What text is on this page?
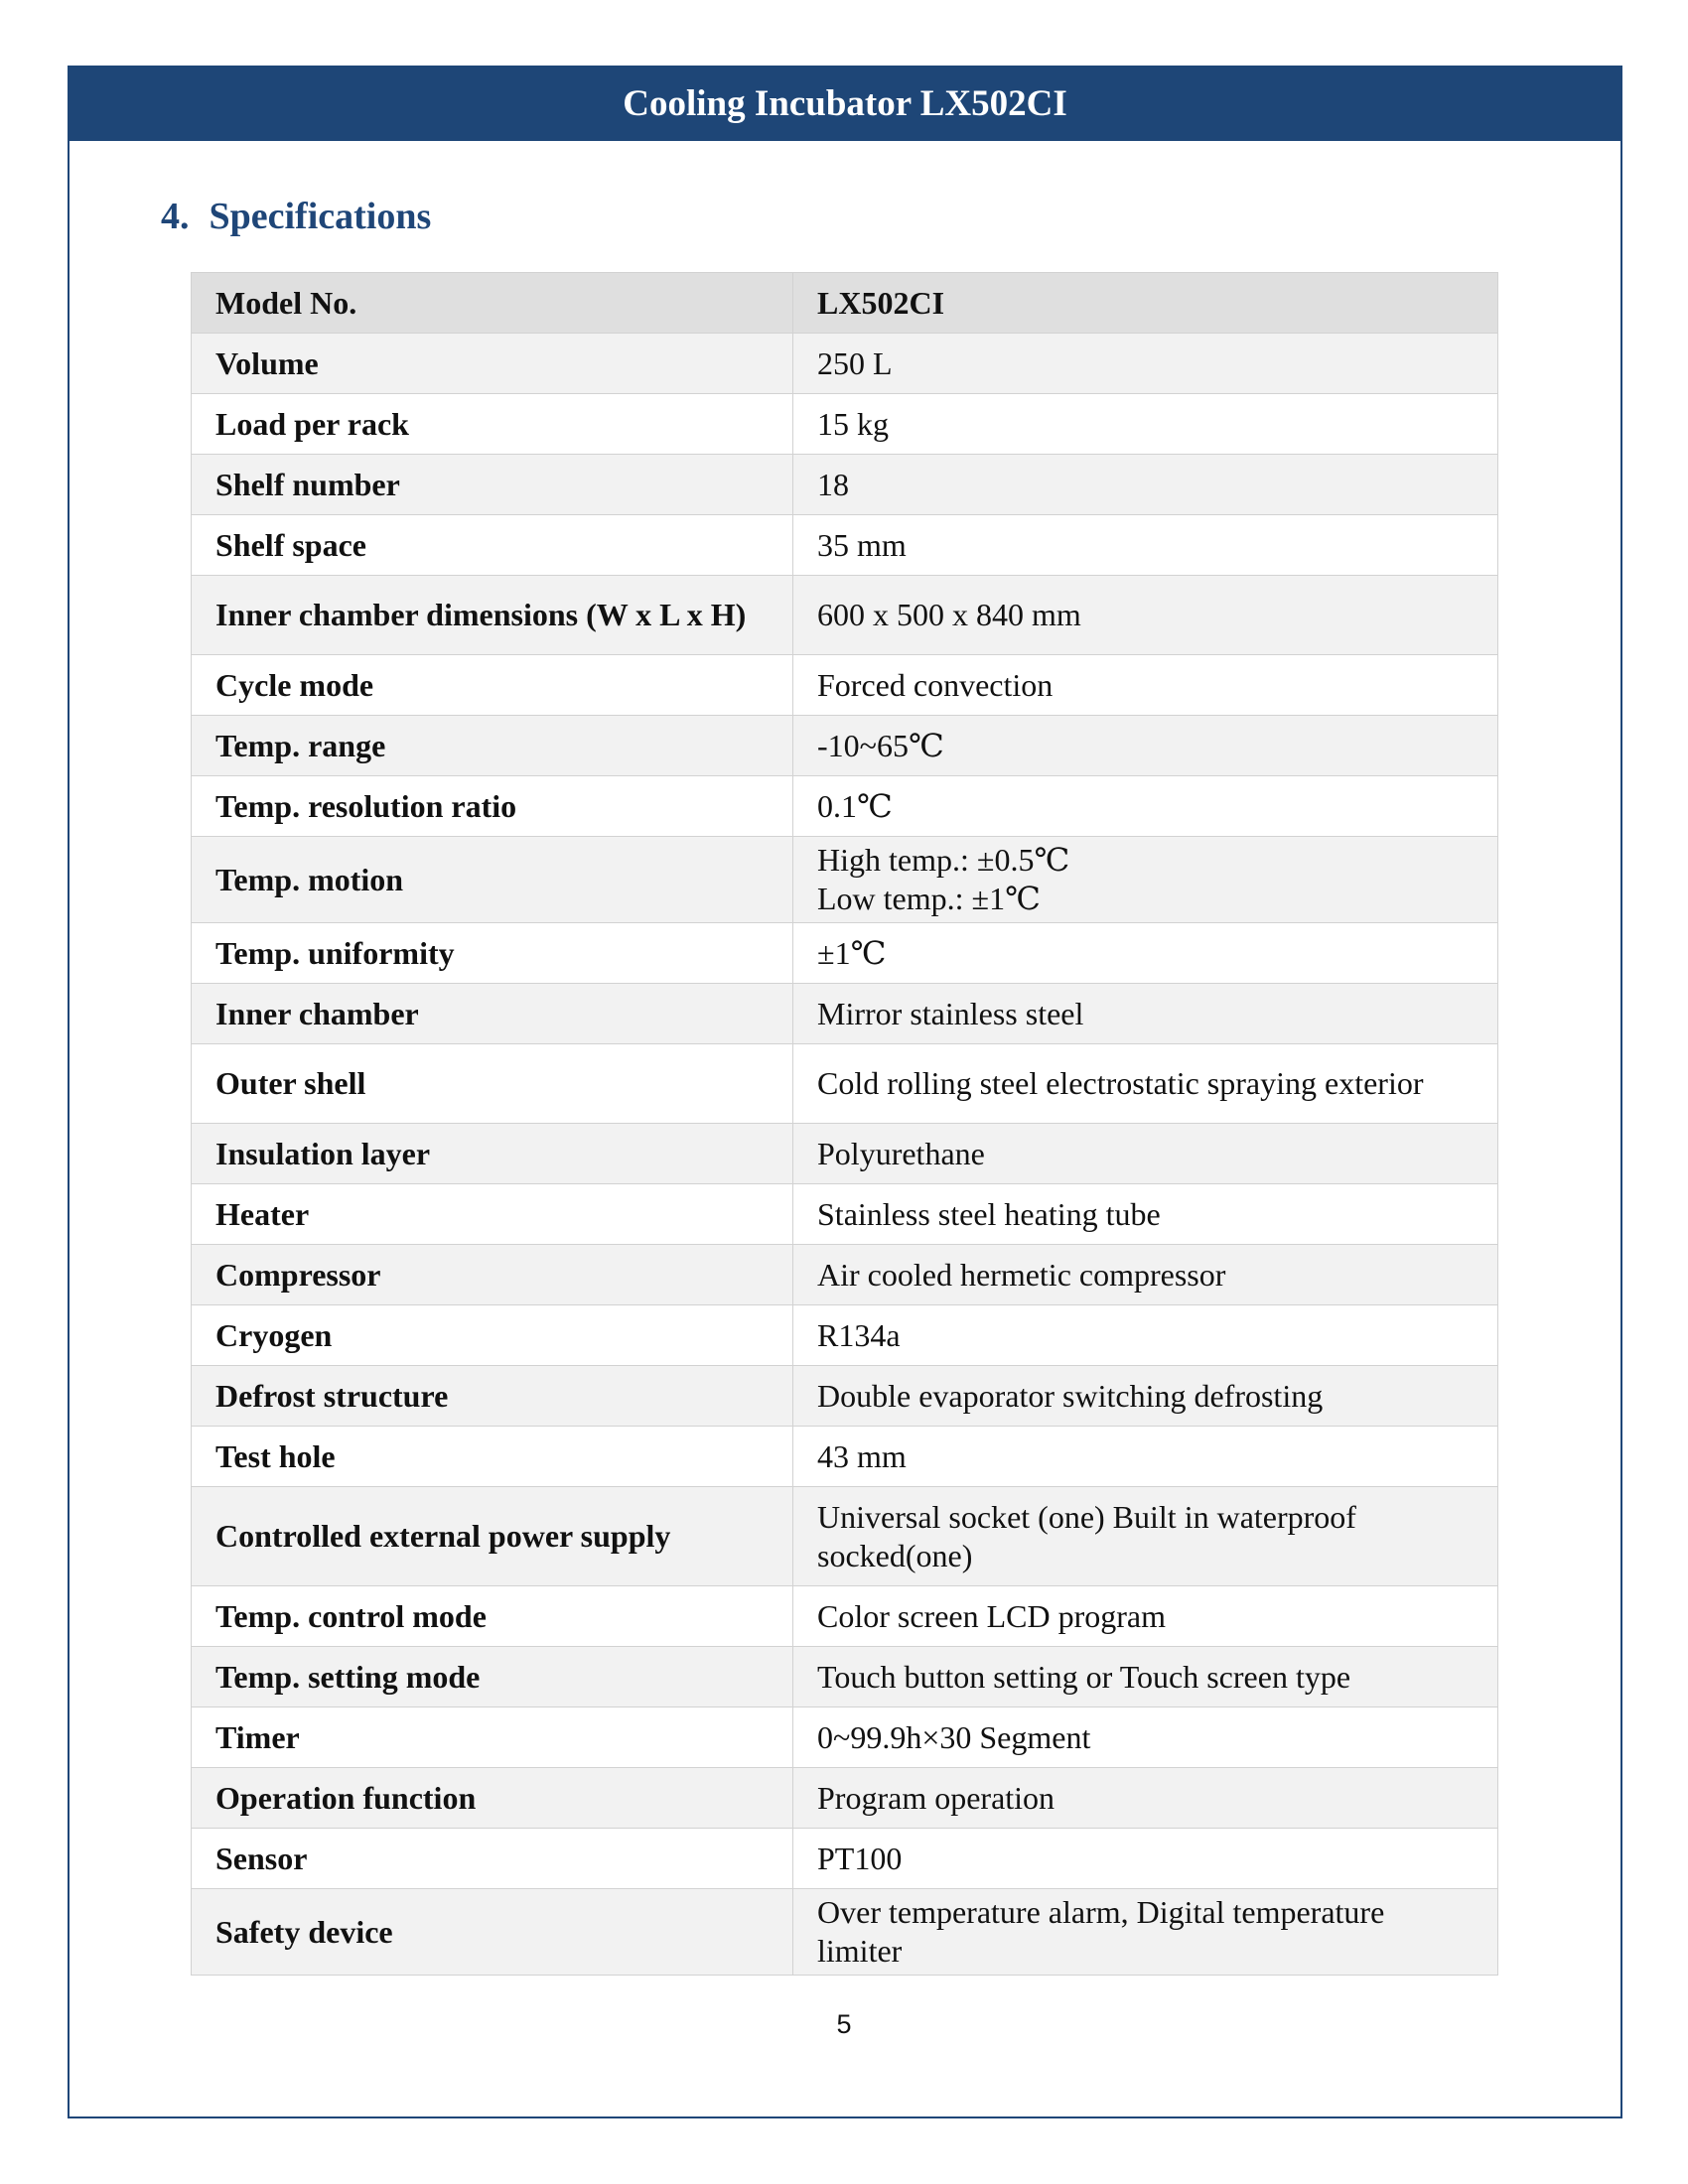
Cooling Incubator LX502CI
4. Specifications
Model No.	LX502CI
Volume	250 L

Load per rack	15 kg

Shelf number	18

Shelf space	35 mm

Inner chamber dimensions (W x L x H)	600 x 500 x 840 mm

Cycle mode	Forced convection

Temp. range	-10~65℃

Temp. resolution ratio	0.1℃

Temp. motion	High temp.: ±0.5℃
Low temp.: ±1℃

Temp. uniformity	±1℃

Inner chamber	Mirror stainless steel

Outer shell	Cold rolling steel electrostatic spraying exterior

Insulation layer	Polyurethane

Heater	Stainless steel heating tube

Compressor	Air cooled hermetic compressor

Cryogen	R134a

Defrost structure	Double evaporator switching defrosting

Test hole	43 mm

Controlled external power supply	Universal socket (one) Built in waterproof socked(one)

Temp. control mode	Color screen LCD program

Temp. setting mode	Touch button setting or Touch screen type

Timer	0~99.9h×30 Segment

Operation function	Program operation

Sensor	PT100

Safety device	Over temperature alarm, Digital temperature limiter
5
